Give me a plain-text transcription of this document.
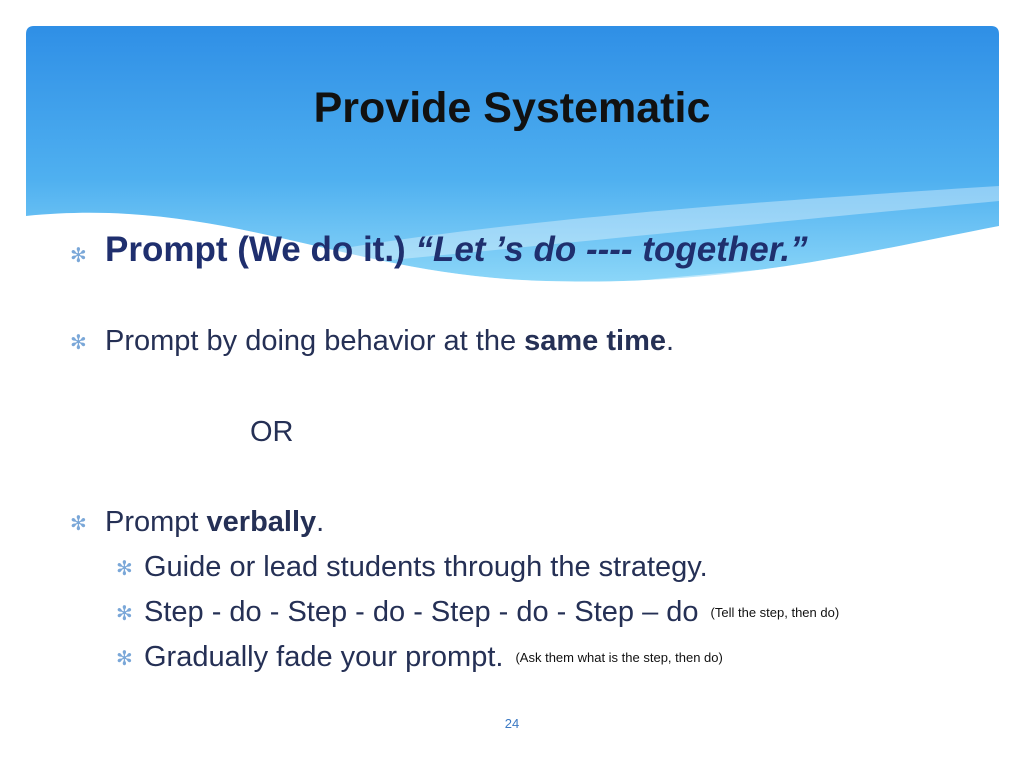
Provide Systematic
✻ Prompt (We do it.) “Let ’s do ---- together.”
✻ Prompt by doing behavior at the same time.
OR
✻ Prompt verbally.
✻ Guide or lead students through the strategy.
✻ Step - do - Step - do - Step - do - Step – do (Tell the step, then do)
✻ Gradually fade your prompt. (Ask them what is the step, then do)
24
